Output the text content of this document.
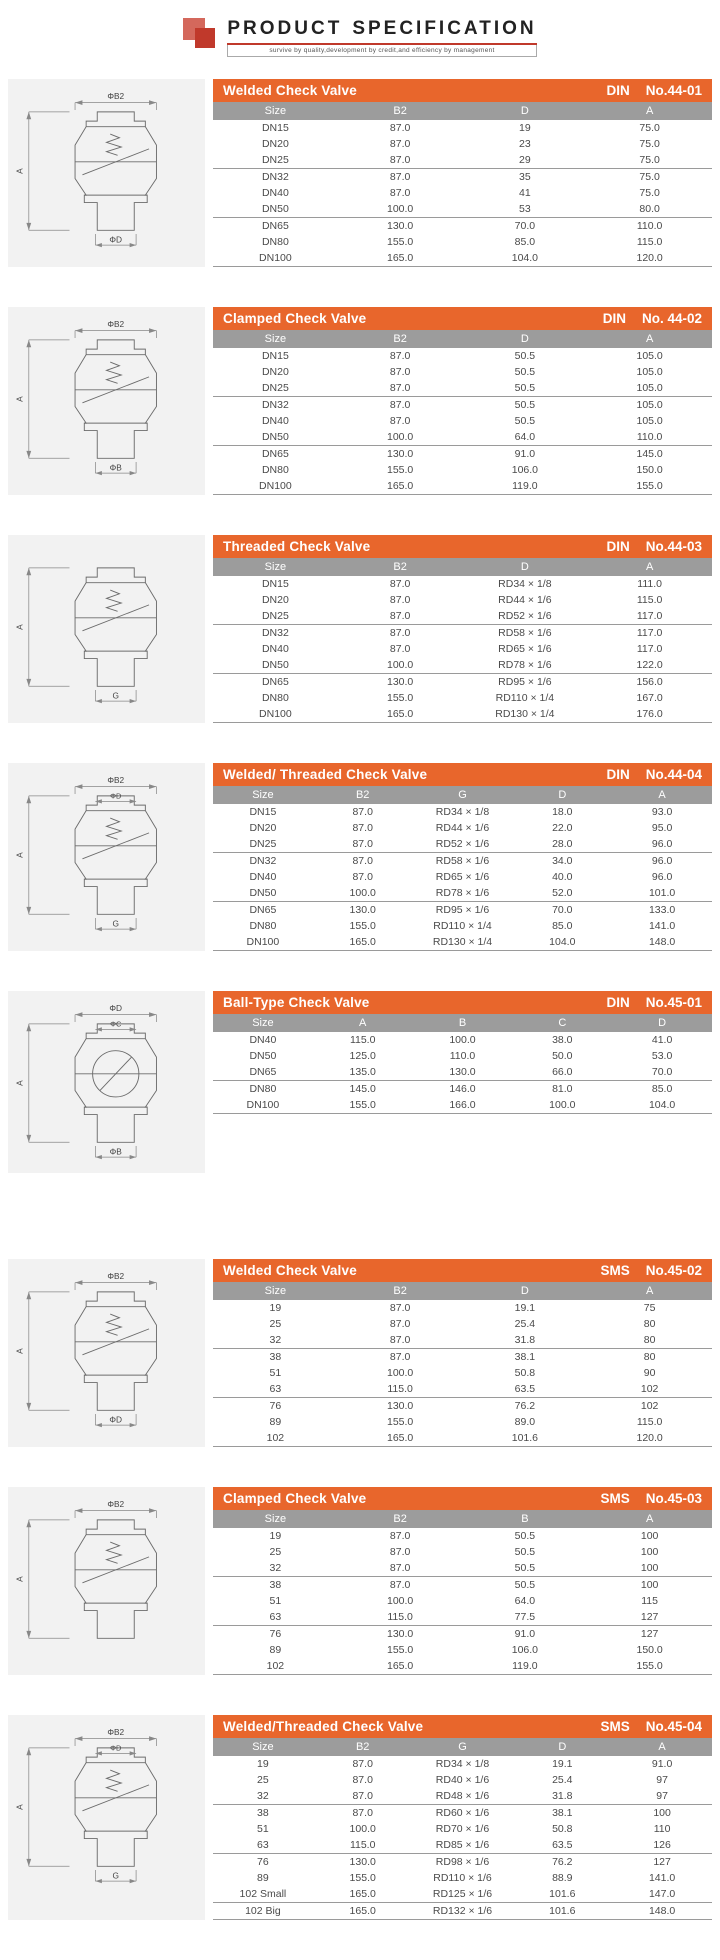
PRODUCT SPECIFICATION
survive by quality,development by credit,and efficiency by management
ΦB2
A
ΦD
Welded Check Valve	DIN No.44-01
Size	B2	D	A
DN15	87.0	19	75.0
DN20	87.0	23	75.0
DN25	87.0	29	75.0
DN32	87.0	35	75.0
DN40	87.0	41	75.0
DN50	100.0	53	80.0
DN65	130.0	70.0	110.0
DN80	155.0	85.0	115.0
DN100	165.0	104.0	120.0
ΦB2
A
ΦB
Clamped Check Valve	DIN No. 44-02
Size	B2	D	A
DN15	87.0	50.5	105.0
DN20	87.0	50.5	105.0
DN25	87.0	50.5	105.0
DN32	87.0	50.5	105.0
DN40	87.0	50.5	105.0
DN50	100.0	64.0	110.0
DN65	130.0	91.0	145.0
DN80	155.0	106.0	150.0
DN100	165.0	119.0	155.0
A
G
Threaded Check Valve	DIN No.44-03
Size	B2	D	A
DN15	87.0	RD34 × 1/8	111.0
DN20	87.0	RD44 × 1/6	115.0
DN25	87.0	RD52 × 1/6	117.0
DN32	87.0	RD58 × 1/6	117.0
DN40	87.0	RD65 × 1/6	117.0
DN50	100.0	RD78 × 1/6	122.0
DN65	130.0	RD95 × 1/6	156.0
DN80	155.0	RD110 × 1/4	167.0
DN100	165.0	RD130 × 1/4	176.0
ΦB2
ΦD
A
G
Welded/ Threaded Check Valve	DIN No.44-04
Size	B2	G	D	A
DN15	87.0	RD34 × 1/8	18.0	93.0
DN20	87.0	RD44 × 1/6	22.0	95.0
DN25	87.0	RD52 × 1/6	28.0	96.0
DN32	87.0	RD58 × 1/6	34.0	96.0
DN40	87.0	RD65 × 1/6	40.0	96.0
DN50	100.0	RD78 × 1/6	52.0	101.0
DN65	130.0	RD95 × 1/6	70.0	133.0
DN80	155.0	RD110 × 1/4	85.0	141.0
DN100	165.0	RD130 × 1/4	104.0	148.0
ΦD
ΦC
A
ΦB
Ball-Type Check Valve	DIN No.45-01
Size	A	B	C	D
DN40	115.0	100.0	38.0	41.0
DN50	125.0	110.0	50.0	53.0
DN65	135.0	130.0	66.0	70.0
DN80	145.0	146.0	81.0	85.0
DN100	155.0	166.0	100.0	104.0
ΦB2
A
ΦD
Welded Check Valve	SMS No.45-02
Size	B2	D	A
19	87.0	19.1	75
25	87.0	25.4	80
32	87.0	31.8	80
38	87.0	38.1	80
51	100.0	50.8	90
63	115.0	63.5	102
76	130.0	76.2	102
89	155.0	89.0	115.0
102	165.0	101.6	120.0
ΦB2
A
Clamped Check Valve	SMS No.45-03
Size	B2	B	A
19	87.0	50.5	100
25	87.0	50.5	100
32	87.0	50.5	100
38	87.0	50.5	100
51	100.0	64.0	115
63	115.0	77.5	127
76	130.0	91.0	127
89	155.0	106.0	150.0
102	165.0	119.0	155.0
ΦB2
ΦD
A
G
Welded/Threaded Check Valve	SMS No.45-04
Size	B2	G	D	A
19	87.0	RD34 × 1/8	19.1	91.0
25	87.0	RD40 × 1/6	25.4	97
32	87.0	RD48 × 1/6	31.8	97
38	87.0	RD60 × 1/6	38.1	100
51	100.0	RD70 × 1/6	50.8	110
63	115.0	RD85 × 1/6	63.5	126
76	130.0	RD98 × 1/6	76.2	127
89	155.0	RD110 × 1/6	88.9	141.0
102 Small	165.0	RD125 × 1/6	101.6	147.0
102 Big	165.0	RD132 × 1/6	101.6	148.0
